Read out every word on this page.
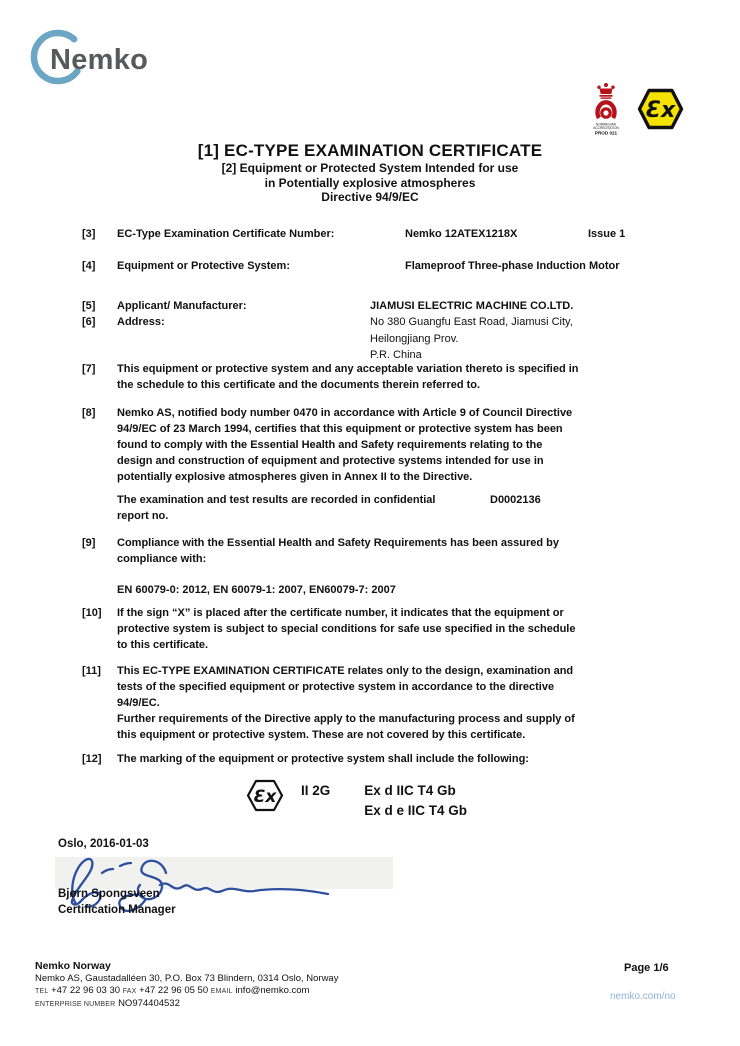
Nemko
NORWEGIAN
ACCREDITATION
PROD 021
Ɛx
[1] EC-TYPE EXAMINATION CERTIFICATE
[2] Equipment or Protected System Intended for use
in Potentially explosive atmospheres
Directive 94/9/EC
[3]	EC-Type Examination Certificate Number:	Nemko 12ATEX1218X	Issue 1
[4]	Equipment or Protective System:	Flameproof Three-phase Induction Motor
[5]	Applicant/ Manufacturer:	JIAMUSI ELECTRIC MACHINE CO.LTD.
[6]	Address:	No 380 Guangfu East Road, Jiamusi City,
Heilongjiang Prov.
P.R. China
[7]	This equipment or protective system and any acceptable variation thereto is specified in
the schedule to this certificate and the documents therein referred to.
[8]	Nemko AS, notified body number 0470 in accordance with Article 9 of Council Directive
94/9/EC of 23 March 1994, certifies that this equipment or protective system has been
found to comply with the Essential Health and Safety requirements relating to the
design and construction of equipment and protective systems intended for use in
potentially explosive atmospheres given in Annex II to the Directive.
The examination and test results are recorded in confidential	D0002136
report no.
[9]	Compliance with the Essential Health and Safety Requirements has been assured by
compliance with:
EN 60079-0: 2012, EN 60079-1: 2007, EN60079-7: 2007
[10]	If the sign “X” is placed after the certificate number, it indicates that the equipment or
protective system is subject to special conditions for safe use specified in the schedule
to this certificate.
[11]	This EC-TYPE EXAMINATION CERTIFICATE relates only to the design, examination and
tests of the specified equipment or protective system in accordance to the directive
94/9/EC.
Further requirements of the Directive apply to the manufacturing process and supply of
this equipment or protective system. These are not covered by this certificate.
[12]	The marking of the equipment or protective system shall include the following:
Ɛx II 2G	Ex d IIC T4 Gb
Ex d e IIC T4 Gb
Oslo, 2016-01-03
Bjørn Spongsveen
Certification Manager
Nemko Norway
Nemko AS, Gaustadalléen 30, P.O. Box 73 Blindern, 0314 Oslo, Norway
TEL +47 22 96 03 30 FAX +47 22 96 05 50 EMAIL info@nemko.com
ENTERPRISE NUMBER NO974404532
Page 1/6
nemko.com/no
